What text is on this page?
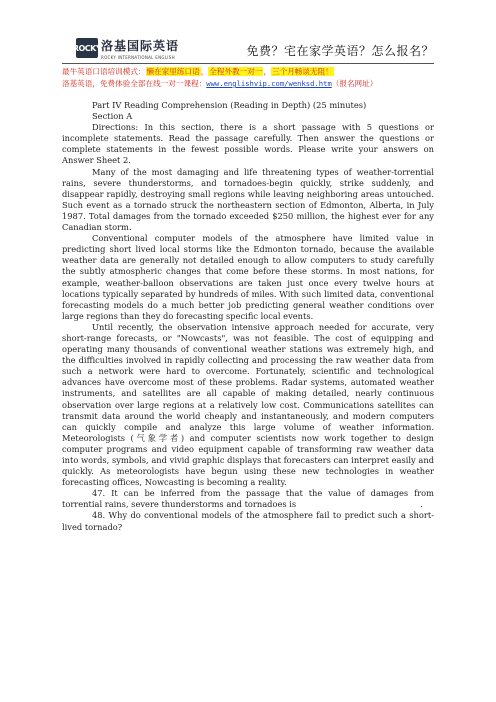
ROCKY 洛基国际英语
ROCKY INTERNATIONAL ENGLISH	免费？宅在家学英语？怎么报名？
最牛英语口语培训模式：懒在家里练口语，全程外教一对一，三个月畅谈无阻！
洛基英语，免费体验全部在线一对一课程：www.englishvip.com/wenksd.htm（报名网址）

Part IV Reading Comprehension (Reading in Depth) (25 minutes)

Section A

Directions: In this section, there is a short passage with 5 questions or incomplete statements. Read the passage carefully. Then answer the questions or complete statements in the fewest possible words. Please write your answers on Answer Sheet 2.

Many of the most damaging and life threatening types of weather-torrential rains, severe thunderstorms, and tornadoes-begin quickly, strike suddenly, and disappear rapidly, destroying small regions while leaving neighboring areas untouched. Such event as a tornado struck the northeastern section of Edmonton, Alberta, in July 1987. Total damages from the tornado exceeded $250 million, the highest ever for any Canadian storm.

Conventional computer models of the atmosphere have limited value in predicting short lived local storms like the Edmonton tornado, because the available weather data are generally not detailed enough to allow computers to study carefully the subtly atmospheric changes that come before these storms. In most nations, for example, weather-balloon observations are taken just once every twelve hours at locations typically separated by hundreds of miles. With such limited data, conventional forecasting models do a much better job predicting general weather conditions over large regions than they do forecasting specific local events.

Until recently, the observation intensive approach needed for accurate, very short-range forecasts, or "Nowcasts", was not feasible. The cost of equipping and operating many thousands of conventional weather stations was extremely high, and the difficulties involved in rapidly collecting and processing the raw weather data from such a network were hard to overcome. Fortunately, scientific and technological advances have overcome most of these problems. Radar systems, automated weather instruments, and satellites are all capable of making detailed, nearly continuous observation over large regions at a relatively low cost. Communications satellites can transmit data around the world cheaply and instantaneously, and modern computers can quickly compile and analyze this large volume of weather information. Meteorologists (气象学者) and computer scientists now work together to design computer programs and video equipment capable of transforming raw weather data into words, symbols, and vivid graphic displays that forecasters can interpret easily and quickly. As meteorologists have begun using these new technologies in weather forecasting offices, Nowcasting is becoming a reality.

47. It can be inferred from the passage that the value of damages from torrential rains, severe thunderstorms and tornadoes is	.

48. Why do conventional models of the atmosphere fail to predict such a short-lived tornado?
